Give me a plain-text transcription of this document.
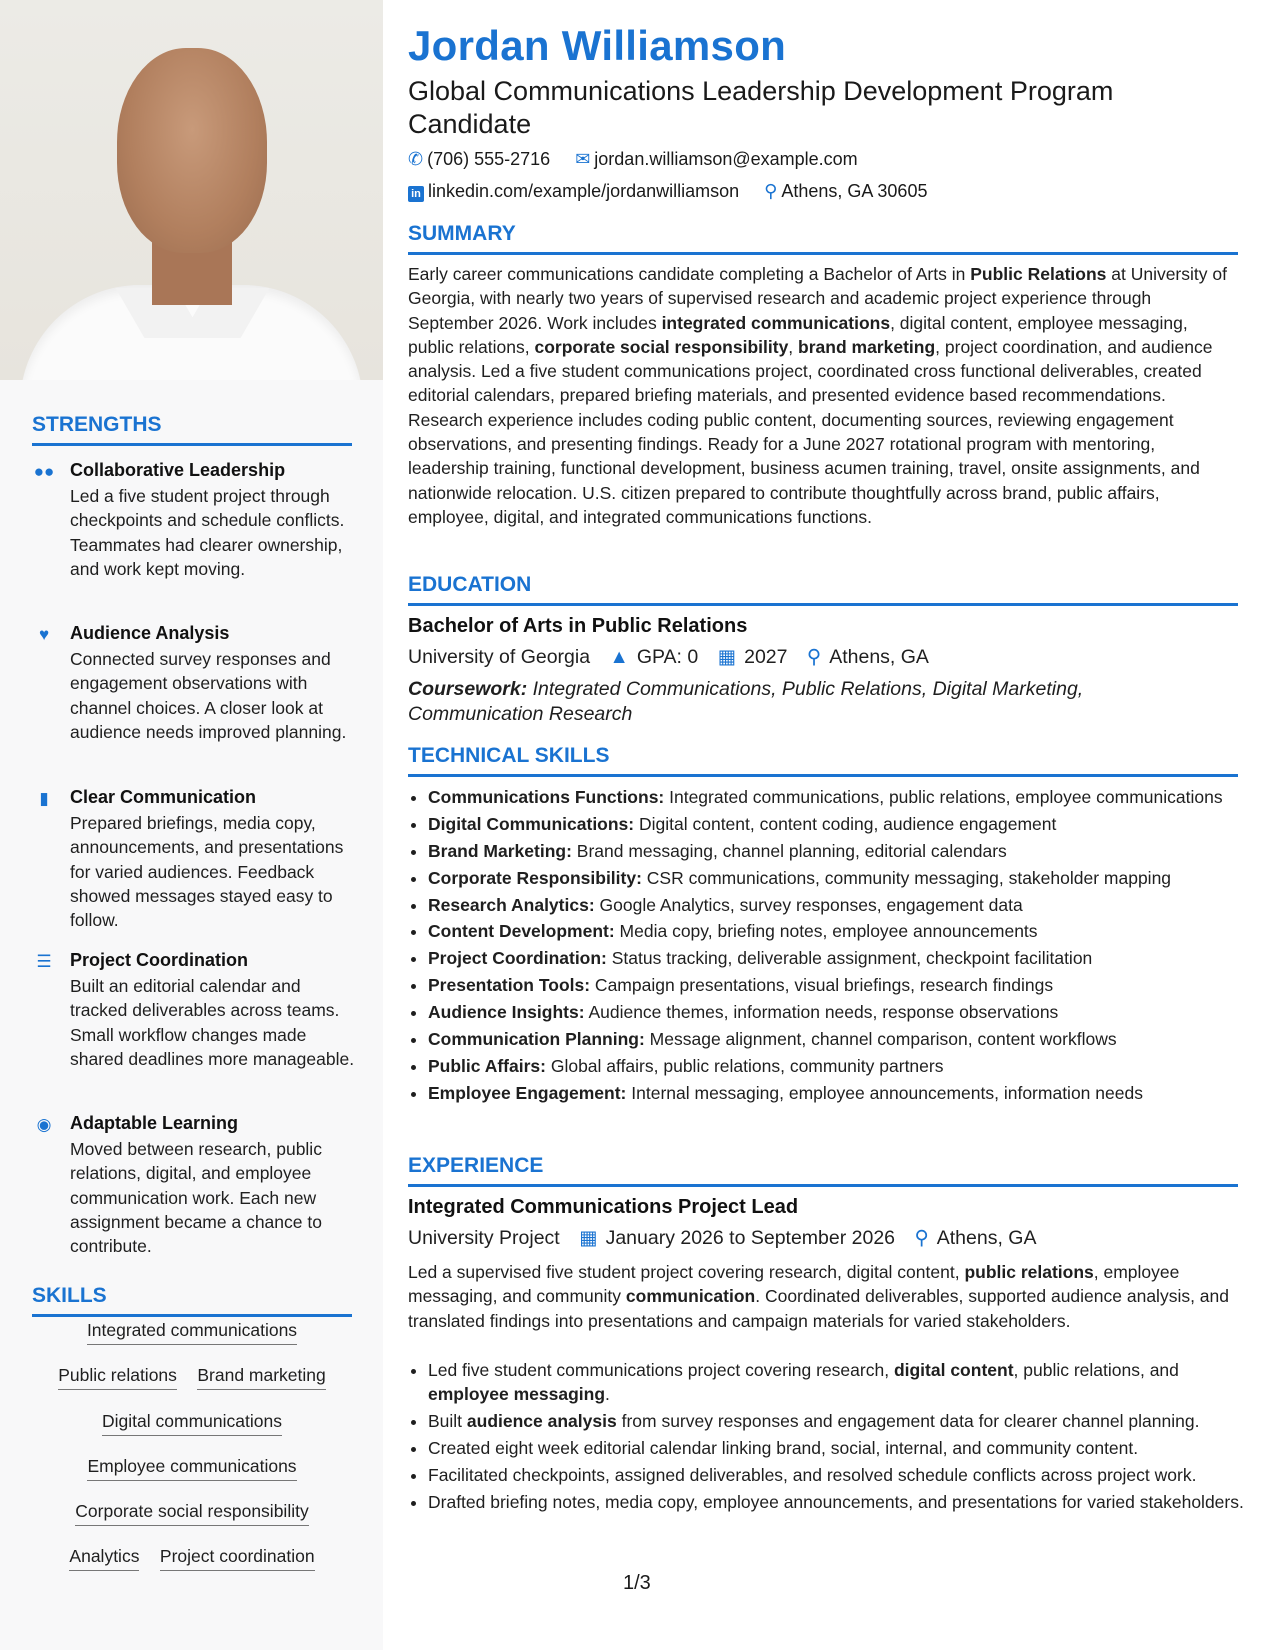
STRENGTHS
●● Collaborative Leadership
Led a five student project through checkpoints and schedule conflicts. Teammates had clearer ownership, and work kept moving.
♥	Audience Analysis
Connected survey responses and engagement observations with channel choices. A closer look at audience needs improved planning.
▮	Clear Communication
Prepared briefings, media copy, announcements, and presentations for varied audiences. Feedback showed messages stayed easy to follow.
☰ Project Coordination
Built an editorial calendar and tracked deliverables across teams. Small workflow changes made shared deadlines more manageable.
◉ Adaptable Learning
Moved between research, public relations, digital, and employee communication work. Each new assignment became a chance to contribute.
SKILLS
Integrated communications
Public relations Brand marketing
Digital communications
Employee communications
Corporate social responsibility
Analytics Project coordination
Jordan Williamson
Global Communications Leadership Development Program Candidate
✆ (706) 555-2716 ✉ jordan.williamson@example.com
in linkedin.com/example/jordanwilliamson ⚲ Athens, GA 30605
SUMMARY
Early career communications candidate completing a Bachelor of Arts in Public Relations at University of Georgia, with nearly two years of supervised research and academic project experience through September 2026. Work includes integrated communications, digital content, employee messaging, public relations, corporate social responsibility, brand marketing, project coordination, and audience analysis. Led a five student communications project, coordinated cross functional deliverables, created editorial calendars, prepared briefing materials, and presented evidence based recommendations. Research experience includes coding public content, documenting sources, reviewing engagement observations, and presenting findings. Ready for a June 2027 rotational program with mentoring, leadership training, functional development, business acumen training, travel, onsite assignments, and nationwide relocation. U.S. citizen prepared to contribute thoughtfully across brand, public affairs, employee, digital, and integrated communications functions.
EDUCATION
Bachelor of Arts in Public Relations
University of Georgia ▲ GPA: 0 ▦ 2027 ⚲ Athens, GA
Coursework: Integrated Communications, Public Relations, Digital Marketing, Communication Research
TECHNICAL SKILLS
• Communications Functions: Integrated communications, public relations, employee communications
• Digital Communications: Digital content, content coding, audience engagement
• Brand Marketing: Brand messaging, channel planning, editorial calendars
• Corporate Responsibility: CSR communications, community messaging, stakeholder mapping
• Research Analytics: Google Analytics, survey responses, engagement data
• Content Development: Media copy, briefing notes, employee announcements
• Project Coordination: Status tracking, deliverable assignment, checkpoint facilitation
• Presentation Tools: Campaign presentations, visual briefings, research findings
• Audience Insights: Audience themes, information needs, response observations
• Communication Planning: Message alignment, channel comparison, content workflows
• Public Affairs: Global affairs, public relations, community partners
• Employee Engagement: Internal messaging, employee announcements, information needs
EXPERIENCE
Integrated Communications Project Lead
University Project ▦ January 2026 to September 2026 ⚲ Athens, GA
Led a supervised five student project covering research, digital content, public relations, employee messaging, and community communication. Coordinated deliverables, supported audience analysis, and translated findings into presentations and campaign materials for varied stakeholders.
• Led five student communications project covering research, digital content, public relations, and employee messaging.
• Built audience analysis from survey responses and engagement data for clearer channel planning.
• Created eight week editorial calendar linking brand, social, internal, and community content.
• Facilitated checkpoints, assigned deliverables, and resolved schedule conflicts across project work.
• Drafted briefing notes, media copy, employee announcements, and presentations for varied stakeholders.
1/3
